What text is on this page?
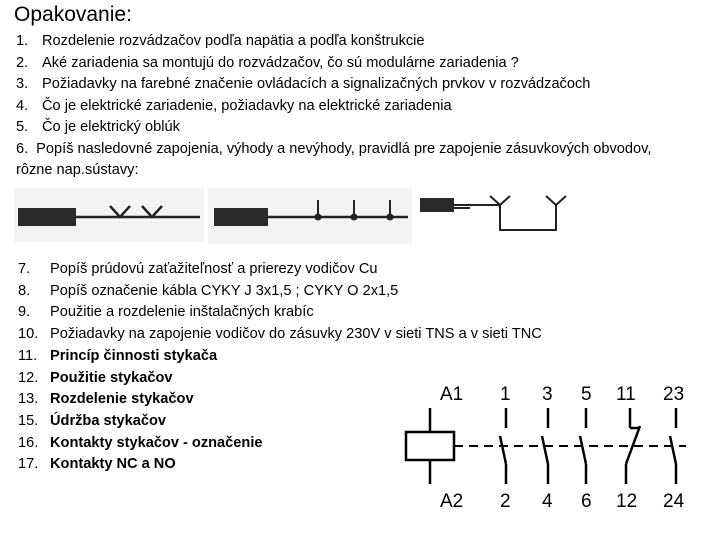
Opakovanie:
1. Rozdelenie rozvádzačov podľa napätia a podľa konštrukcie
2. Aké zariadenia sa montujú do rozvádzačov, čo sú modulárne zariadenia ?
3. Požiadavky na farebné značenie ovládacích a signalizačných prvkov v rozvádzačoch
4. Čo je elektrické zariadenie, požiadavky na elektrické zariadenia
5. Čo je elektrický oblúk
6. Popíš nasledovné zapojenia, výhody a nevýhody, pravidlá pre zapojenie zásuvkových obvodov, rôzne nap.sústavy:
7. Popíš prúdovú zaťažiteľnosť a prierezy vodičov Cu
8. Popíš označenie kábla CYKY J 3x1,5 ; CYKY O 2x1,5
9. Použitie a rozdelenie inštalačných krabíc
10. Požiadavky na zapojenie vodičov do zásuvky 230V v sieti TNS a v sieti TNC
11. Princíp činnosti stykača
12. Použitie stykačov
13. Rozdelenie stykačov
15. Údržba stykačov
16. Kontakty stykačov - označenie
17. Kontakty NC a NO
A1 1 3 5 11 23
A2 2 4 6 12 24
